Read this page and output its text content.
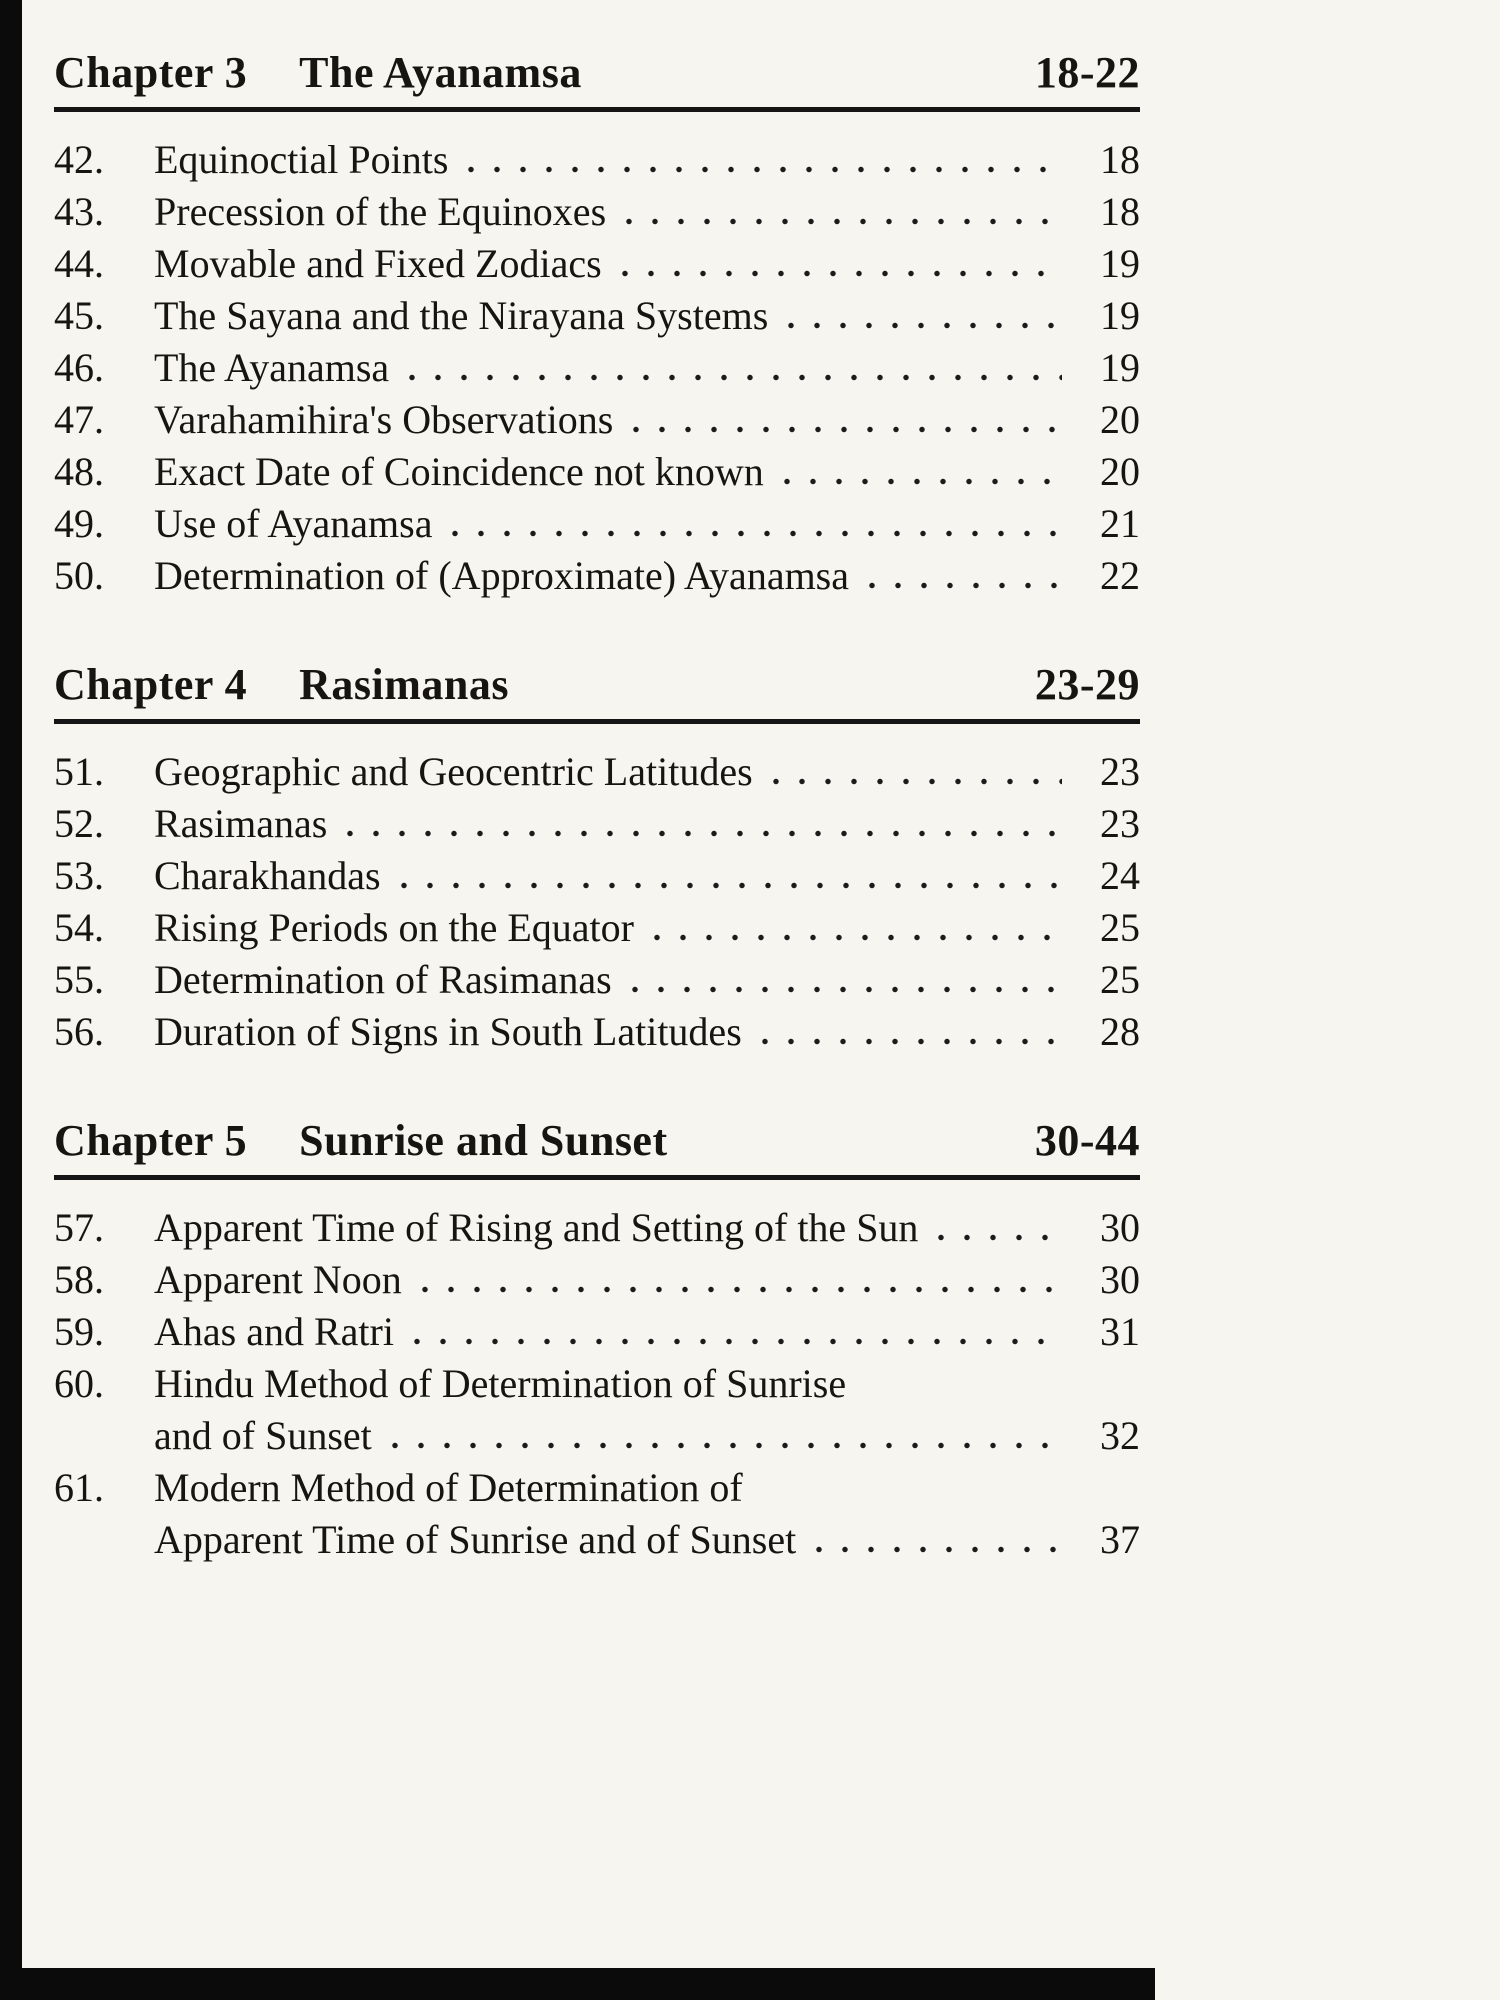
Chapter 3 The Ayanamsa	18-22
42.	Equinoctial Points	18
43.	Precession of the Equinoxes	18
44.	Movable and Fixed Zodiacs	19
45.	The Sayana and the Nirayana Systems	19
46.	The Ayanamsa	19
47.	Varahamihira's Observations	20
48.	Exact Date of Coincidence not known	20
49.	Use of Ayanamsa	21
50.	Determination of (Approximate) Ayanamsa	22
Chapter 4 Rasimanas	23-29
51.	Geographic and Geocentric Latitudes	23
52.	Rasimanas	23
53.	Charakhandas	24
54.	Rising Periods on the Equator	25
55.	Determination of Rasimanas	25
56.	Duration of Signs in South Latitudes	28
Chapter 5 Sunrise and Sunset	30-44
57.	Apparent Time of Rising and Setting of the Sun	30
58.	Apparent Noon	30
59.	Ahas and Ratri	31
60.	Hindu Method of Determination of Sunrise
and of Sunset	32
61.	Modern Method of Determination of
Apparent Time of Sunrise and of Sunset	37
